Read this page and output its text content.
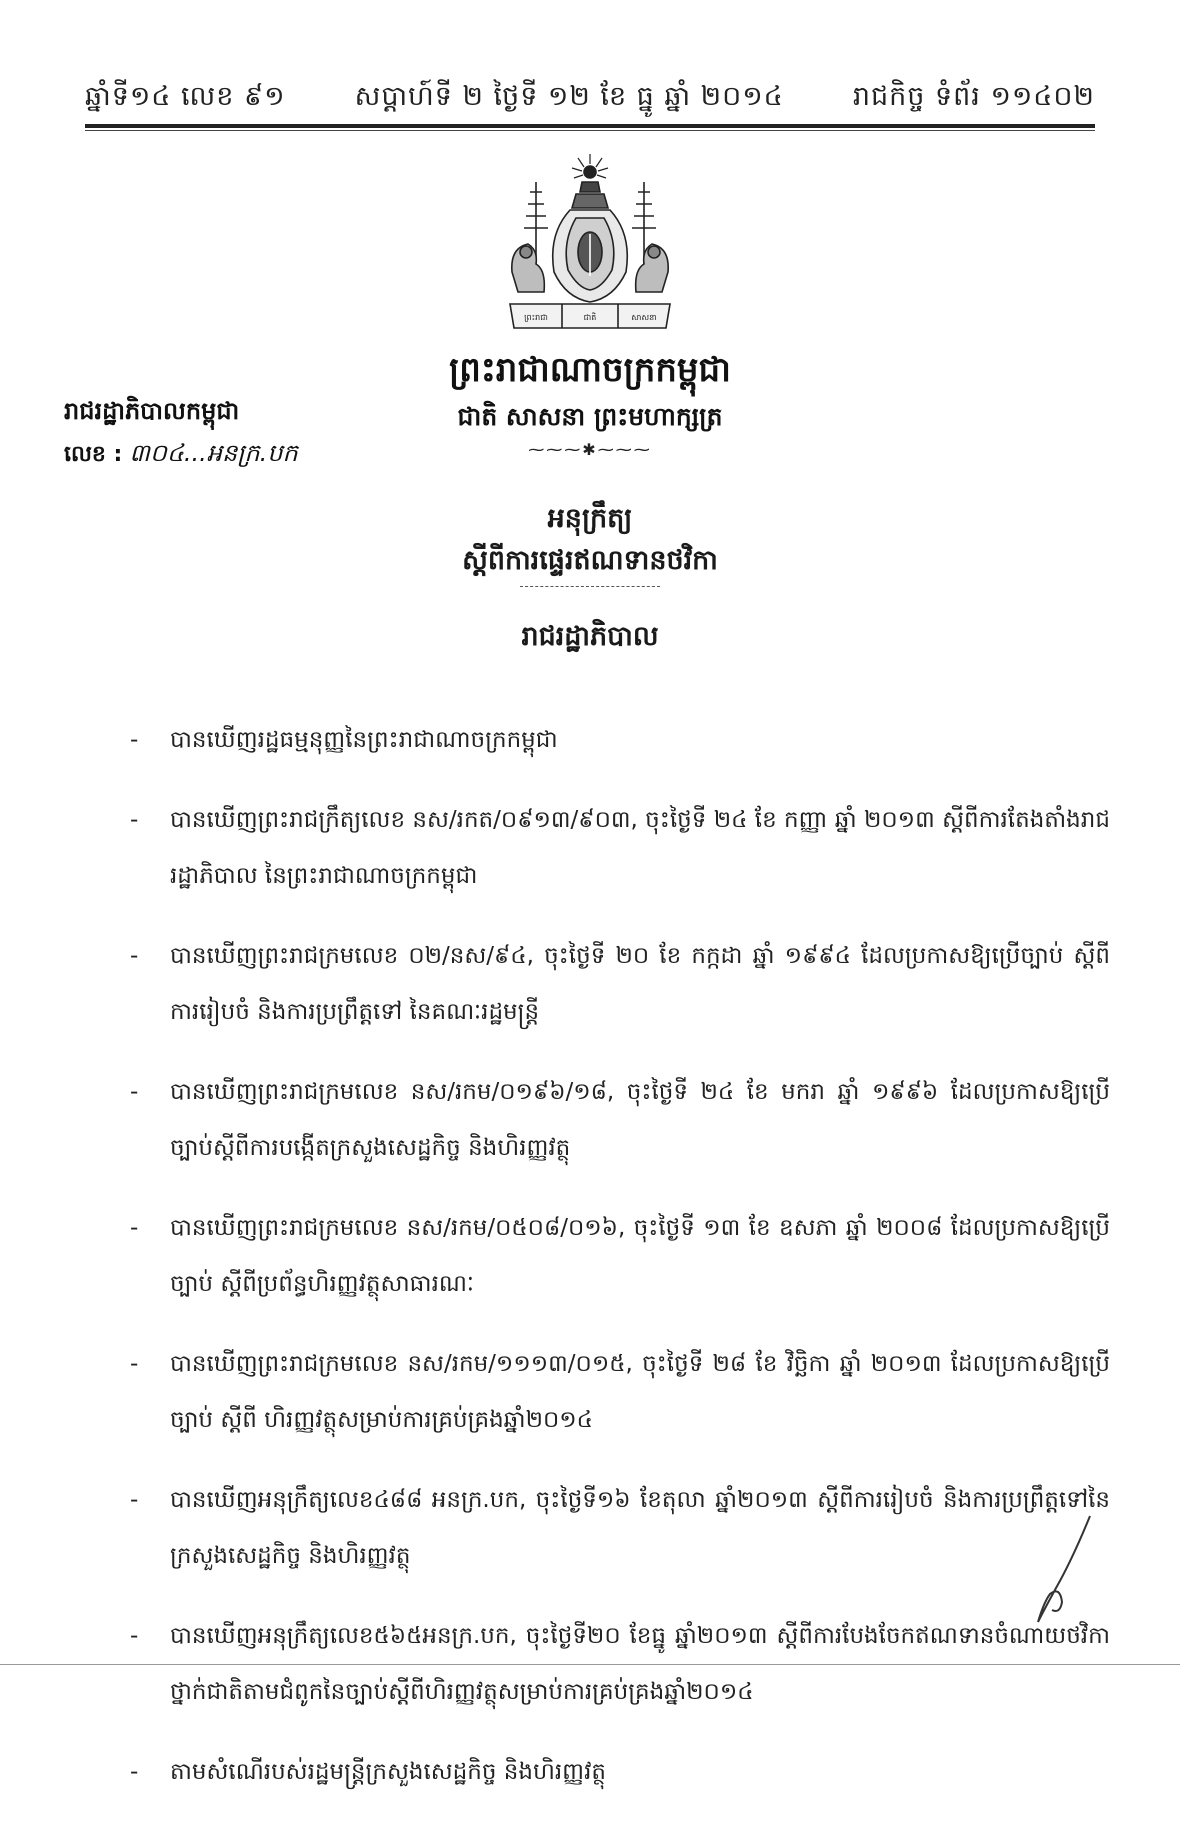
ឆ្នាំទី១៤ លេខ ៩១	សប្តាហ៍ទី ២ ថ្ងៃទី ១២ ខែ ធ្នូ ឆ្នាំ ២០១៤	រាជកិច្ច ទំព័រ ១១៤០២
ព្រះរាជា	ជាតិ	សាសនា
ព្រះរាជាណាចក្រកម្ពុជា
ជាតិ សាសនា ព្រះមហាក្សត្រ
⁓⁓⁓✱⁓⁓⁓
រាជរដ្ឋាភិបាលកម្ពុជា
លេខ : ៣០៤...អនក្រ.បក
អនុក្រឹត្យ
ស្តីពីការផ្ទេរឥណទានថវិកា
រាជរដ្ឋាភិបាល
- បានឃើញរដ្ឋធម្មនុញ្ញនៃព្រះរាជាណាចក្រកម្ពុជា
- បានឃើញព្រះរាជក្រឹត្យលេខ នស/រកត/០៩១៣/៩០៣, ចុះថ្ងៃទី ២៤ ខែ កញ្ញា ឆ្នាំ ២០១៣ ស្តីពីការតែងតាំងរាជរដ្ឋាភិបាល នៃព្រះរាជាណាចក្រកម្ពុជា
- បានឃើញព្រះរាជក្រមលេខ ០២/នស/៩៤, ចុះថ្ងៃទី ២០ ខែ កក្កដា ឆ្នាំ ១៩៩៤ ដែលប្រកាសឱ្យប្រើច្បាប់ ស្តីពីការរៀបចំ និងការប្រព្រឹត្តទៅ នៃគណៈរដ្ឋមន្ត្រី
- បានឃើញព្រះរាជក្រមលេខ នស/រកម/០១៩៦/១៨, ចុះថ្ងៃទី ២៤ ខែ មករា ឆ្នាំ ១៩៩៦ ដែលប្រកាសឱ្យប្រើ ច្បាប់ស្តីពីការបង្កើតក្រសួងសេដ្ឋកិច្ច និងហិរញ្ញវត្ថុ
- បានឃើញព្រះរាជក្រមលេខ នស/រកម/០៥០៨/០១៦, ចុះថ្ងៃទី ១៣ ខែ ឧសភា ឆ្នាំ ២០០៨ ដែលប្រកាសឱ្យប្រើច្បាប់ ស្តីពីប្រព័ន្ធហិរញ្ញវត្ថុសាធារណៈ
- បានឃើញព្រះរាជក្រមលេខ នស/រកម/១១១៣/០១៥, ចុះថ្ងៃទី ២៨ ខែ វិច្ឆិកា ឆ្នាំ ២០១៣ ដែលប្រកាសឱ្យប្រើច្បាប់ ស្តីពី ហិរញ្ញវត្ថុសម្រាប់ការគ្រប់គ្រងឆ្នាំ២០១៤
- បានឃើញអនុក្រឹត្យលេខ៤៨៨ អនក្រ.បក, ចុះថ្ងៃទី១៦ ខែតុលា ឆ្នាំ២០១៣ ស្តីពីការរៀបចំ និងការប្រព្រឹត្តទៅនៃក្រសួងសេដ្ឋកិច្ច និងហិរញ្ញវត្ថុ
- បានឃើញអនុក្រឹត្យលេខ៥៦៥អនក្រ.បក, ចុះថ្ងៃទី២០ ខែធ្នូ ឆ្នាំ២០១៣ ស្តីពីការបែងចែកឥណទានចំណាយថវិកាថ្នាក់ជាតិតាមជំពូកនៃច្បាប់ស្តីពីហិរញ្ញវត្ថុសម្រាប់ការគ្រប់គ្រងឆ្នាំ២០១៤
- តាមសំណើរបស់រដ្ឋមន្ត្រីក្រសួងសេដ្ឋកិច្ច និងហិរញ្ញវត្ថុ
